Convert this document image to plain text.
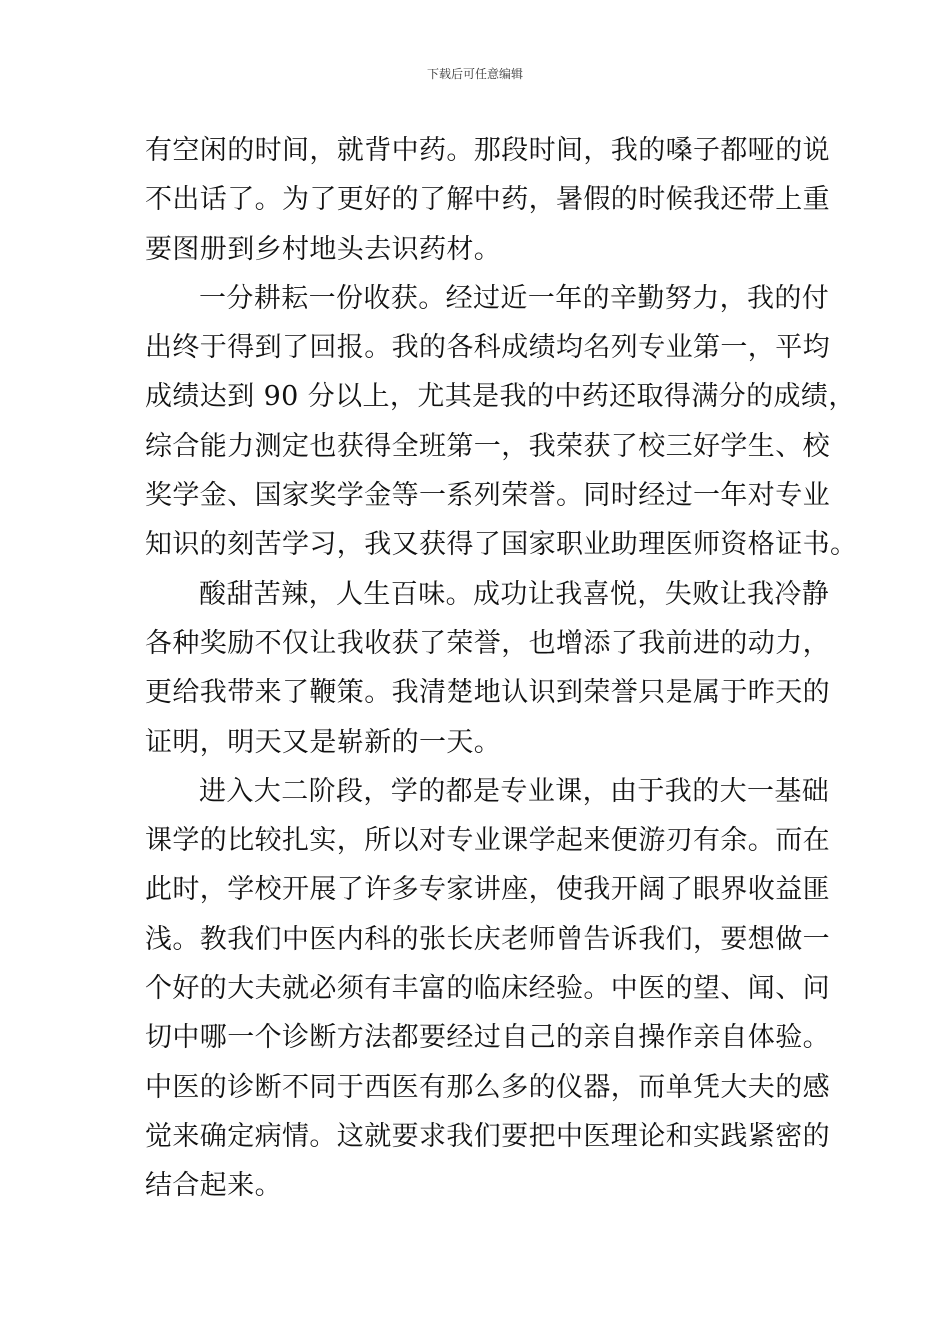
下载后可任意编辑
有空闲的时间，就背中药。那段时间，我的嗓子都哑的说
不出话了。为了更好的了解中药，暑假的时候我还带上重
要图册到乡村地头去识药材。
一分耕耘一份收获。经过近一年的辛勤努力，我的付
出终于得到了回报。我的各科成绩均名列专业第一，平均
成绩达到 90 分以上，尤其是我的中药还取得满分的成绩，
综合能力测定也获得全班第一，我荣获了校三好学生、校
奖学金、国家奖学金等一系列荣誉。同时经过一年对专业
知识的刻苦学习，我又获得了国家职业助理医师资格证书。
酸甜苦辣，人生百味。成功让我喜悦，失败让我冷静
各种奖励不仅让我收获了荣誉，也增添了我前进的动力，
更给我带来了鞭策。我清楚地认识到荣誉只是属于昨天的
证明，明天又是崭新的一天。
进入大二阶段，学的都是专业课，由于我的大一基础
课学的比较扎实，所以对专业课学起来便游刃有余。而在
此时，学校开展了许多专家讲座，使我开阔了眼界收益匪
浅。教我们中医内科的张长庆老师曾告诉我们，要想做一
个好的大夫就必须有丰富的临床经验。中医的望、闻、问
切中哪一个诊断方法都要经过自己的亲自操作亲自体验。
中医的诊断不同于西医有那么多的仪器，而单凭大夫的感
觉来确定病情。这就要求我们要把中医理论和实践紧密的
结合起来。
